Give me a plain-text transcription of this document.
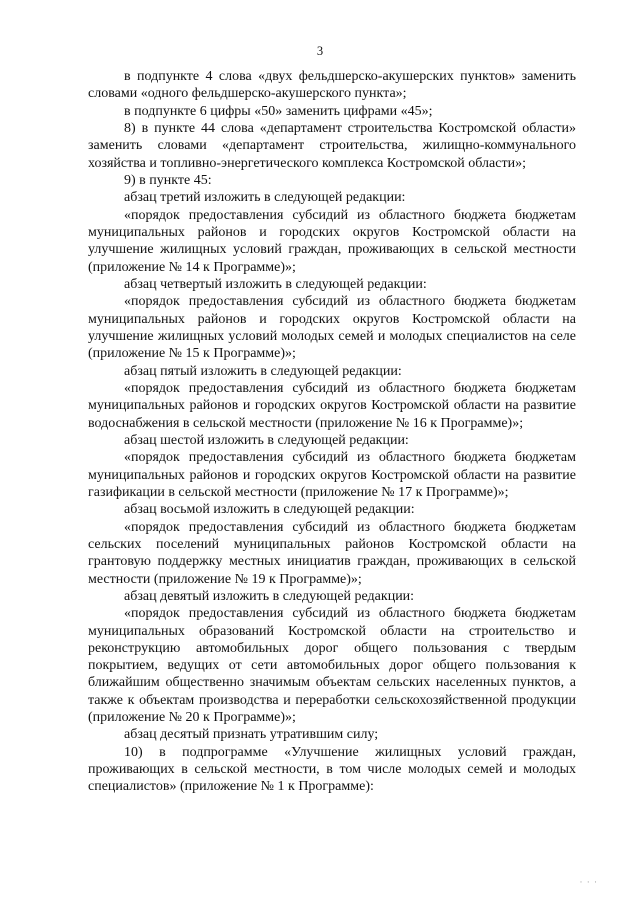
3

в подпункте 4 слова «двух фельдшерско-акушерских пунктов» заменить словами «одного фельдшерско-акушерского пункта»;

в подпункте 6 цифры «50» заменить цифрами «45»;

8) в пункте 44 слова «департамент строительства Костромской области» заменить словами «департамент строительства, жилищно-коммунального хозяйства и топливно-энергетического комплекса Костромской области»;

9) в пункте 45:

абзац третий изложить в следующей редакции:

«порядок предоставления субсидий из областного бюджета бюджетам муниципальных районов и городских округов Костромской области на улучшение жилищных условий граждан, проживающих в сельской местности (приложение № 14 к Программе)»;

абзац четвертый изложить в следующей редакции:

«порядок предоставления субсидий из областного бюджета бюджетам муниципальных районов и городских округов Костромской области на улучшение жилищных условий молодых семей и молодых специалистов на селе (приложение № 15 к Программе)»;

абзац пятый изложить в следующей редакции:

«порядок предоставления субсидий из областного бюджета бюджетам муниципальных районов и городских округов Костромской области на развитие водоснабжения в сельской местности (приложение № 16 к Программе)»;

абзац шестой изложить в следующей редакции:

«порядок предоставления субсидий из областного бюджета бюджетам муниципальных районов и городских округов Костромской области на развитие газификации в сельской местности (приложение № 17 к Программе)»;

абзац восьмой изложить в следующей редакции:

«порядок предоставления субсидий из областного бюджета бюджетам сельских поселений муниципальных районов Костромской области на грантовую поддержку местных инициатив граждан, проживающих в сельской местности (приложение № 19 к Программе)»;

абзац девятый изложить в следующей редакции:

«порядок предоставления субсидий из областного бюджета бюджетам муниципальных образований Костромской области на строительство и реконструкцию автомобильных дорог общего пользования с твердым покрытием, ведущих от сети автомобильных дорог общего пользования к ближайшим общественно значимым объектам сельских населенных пунктов, а также к объектам производства и переработки сельскохозяйственной продукции (приложение № 20 к Программе)»;

абзац десятый признать утратившим силу;

10) в подпрограмме «Улучшение жилищных условий граждан, проживающих в сельской местности, в том числе молодых семей и молодых специалистов» (приложение № 1 к Программе):

· · ·
